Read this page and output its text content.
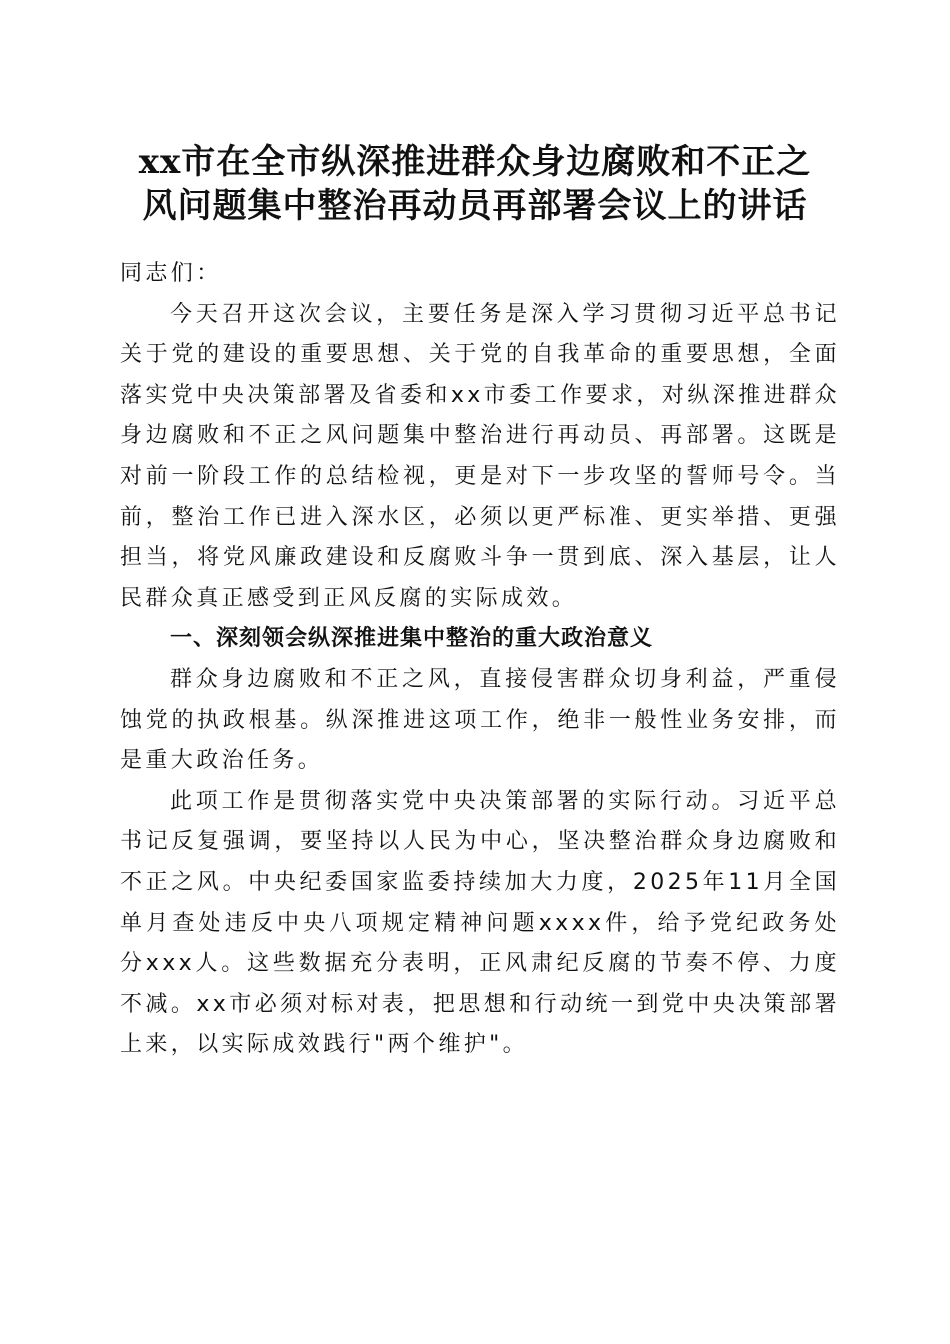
xx市在全市纵深推进群众身边腐败和不正之
风问题集中整治再动员再部署会议上的讲话

同志们：

今天召开这次会议，主要任务是深入学习贯彻习近平总书记关于党的建设的重要思想、关于党的自我革命的重要思想，全面落实党中央决策部署及省委和xx市委工作要求，对纵深推进群众身边腐败和不正之风问题集中整治进行再动员、再部署。这既是对前一阶段工作的总结检视，更是对下一步攻坚的誓师号令。当前，整治工作已进入深水区，必须以更严标准、更实举措、更强担当，将党风廉政建设和反腐败斗争一贯到底、深入基层，让人民群众真正感受到正风反腐的实际成效。

一、深刻领会纵深推进集中整治的重大政治意义

群众身边腐败和不正之风，直接侵害群众切身利益，严重侵蚀党的执政根基。纵深推进这项工作，绝非一般性业务安排，而是重大政治任务。

此项工作是贯彻落实党中央决策部署的实际行动。习近平总书记反复强调，要坚持以人民为中心，坚决整治群众身边腐败和不正之风。中央纪委国家监委持续加大力度，2025年11月全国单月查处违反中央八项规定精神问题xxxx件，给予党纪政务处分xxx人。这些数据充分表明，正风肃纪反腐的节奏不停、力度不减。xx市必须对标对表，把思想和行动统一到党中央决策部署上来，以实际成效践行"两个维护"。
